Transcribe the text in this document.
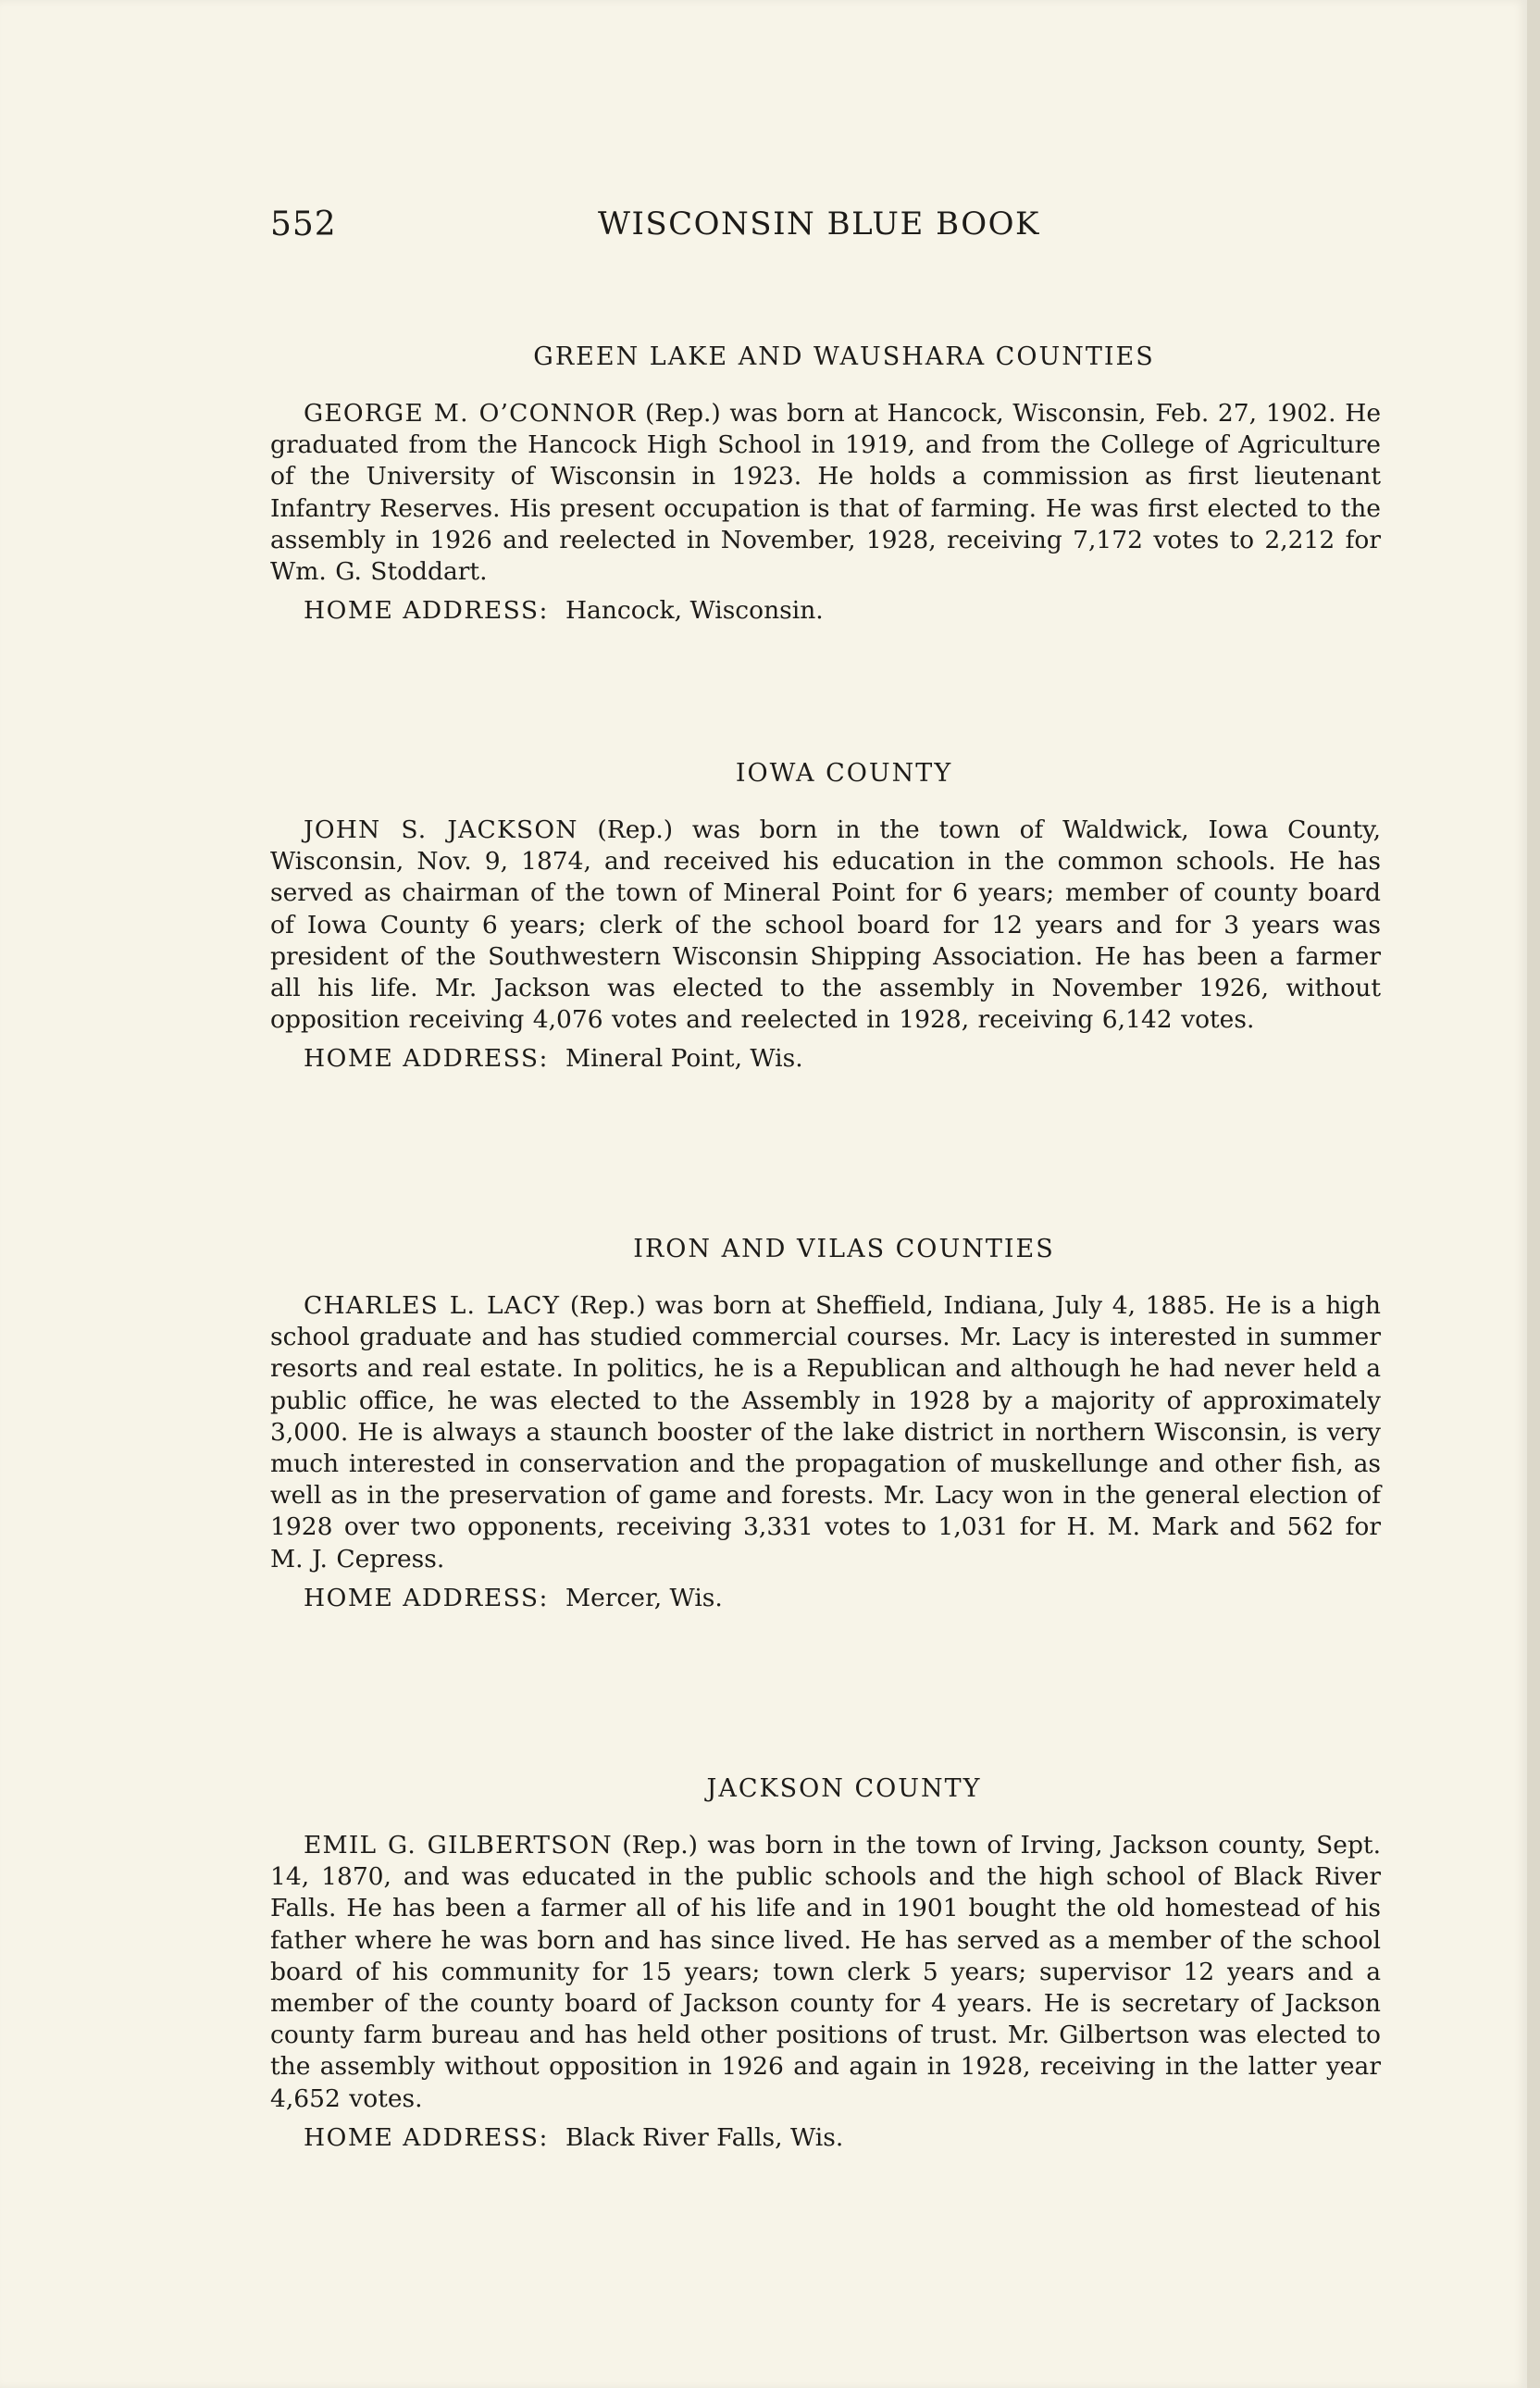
552	WISCONSIN BLUE BOOK
GREEN LAKE AND WAUSHARA COUNTIES

GEORGE M. O’CONNOR (Rep.) was born at Hancock, Wisconsin, Feb. 27, 1902. He graduated from the Hancock High School in 1919, and from the College of Agriculture of the University of Wisconsin in 1923. He holds a commission as first lieutenant Infantry Reserves. His present occupation is that of farming. He was first elected to the assembly in 1926 and reelected in November, 1928, receiving 7,172 votes to 2,212 for Wm. G. Stoddart.

HOME ADDRESS: Hancock, Wisconsin.
IOWA COUNTY

JOHN S. JACKSON (Rep.) was born in the town of Waldwick, Iowa County, Wisconsin, Nov. 9, 1874, and received his education in the common schools. He has served as chairman of the town of Mineral Point for 6 years; member of county board of Iowa County 6 years; clerk of the school board for 12 years and for 3 years was president of the Southwestern Wisconsin Shipping Association. He has been a farmer all his life. Mr. Jackson was elected to the assembly in November 1926, without opposition receiving 4,076 votes and reelected in 1928, receiving 6,142 votes.

HOME ADDRESS: Mineral Point, Wis.
IRON AND VILAS COUNTIES

CHARLES L. LACY (Rep.) was born at Sheffield, Indiana, July 4, 1885. He is a high school graduate and has studied commercial courses. Mr. Lacy is interested in summer resorts and real estate. In politics, he is a Republican and although he had never held a public office, he was elected to the Assembly in 1928 by a majority of approximately 3,000. He is always a staunch booster of the lake district in northern Wisconsin, is very much interested in conservation and the propagation of muskellunge and other fish, as well as in the preservation of game and forests. Mr. Lacy won in the general election of 1928 over two opponents, receiving 3,331 votes to 1,031 for H. M. Mark and 562 for M. J. Cepress.

HOME ADDRESS: Mercer, Wis.
JACKSON COUNTY

EMIL G. GILBERTSON (Rep.) was born in the town of Irving, Jackson county, Sept. 14, 1870, and was educated in the public schools and the high school of Black River Falls. He has been a farmer all of his life and in 1901 bought the old homestead of his father where he was born and has since lived. He has served as a member of the school board of his community for 15 years; town clerk 5 years; supervisor 12 years and a member of the county board of Jackson county for 4 years. He is secretary of Jackson county farm bureau and has held other positions of trust. Mr. Gilbertson was elected to the assembly without opposition in 1926 and again in 1928, receiving in the latter year 4,652 votes.

HOME ADDRESS: Black River Falls, Wis.
